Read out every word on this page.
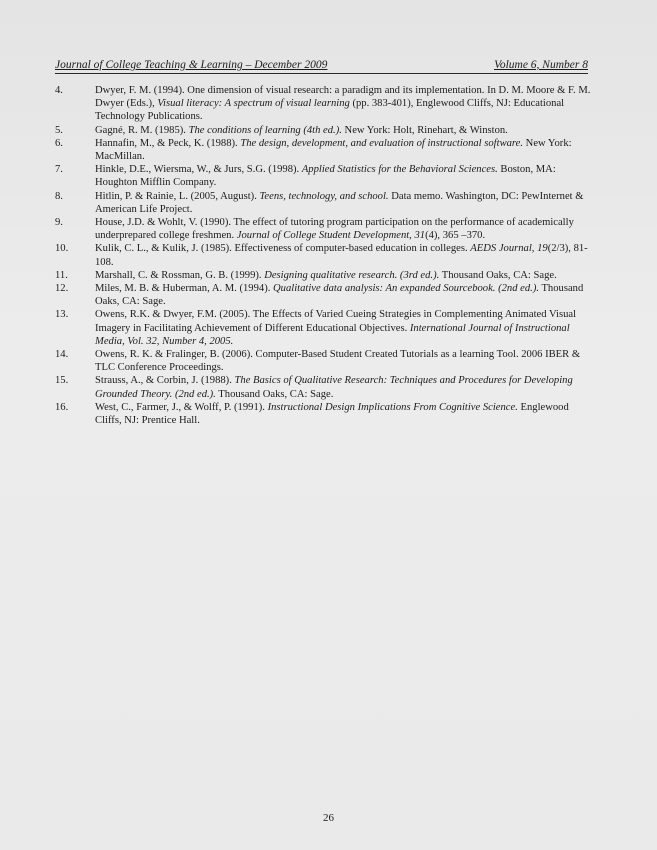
Journal of College Teaching & Learning – December 2009	Volume 6, Number 8
4.	Dwyer, F. M. (1994). One dimension of visual research: a paradigm and its implementation. In D. M. Moore & F. M. Dwyer (Eds.), Visual literacy: A spectrum of visual learning (pp. 383-401), Englewood Cliffs, NJ: Educational Technology Publications.
5.	Gagné, R. M. (1985). The conditions of learning (4th ed.). New York: Holt, Rinehart, & Winston.
6.	Hannafin, M., & Peck, K. (1988). The design, development, and evaluation of instructional software. New York: MacMillan.
7.	Hinkle, D.E., Wiersma, W., & Jurs, S.G. (1998). Applied Statistics for the Behavioral Sciences. Boston, MA: Houghton Mifflin Company.
8.	Hitlin, P. & Rainie, L. (2005, August). Teens, technology, and school. Data memo. Washington, DC: PewInternet & American Life Project.
9.	House, J.D. & Wohlt, V. (1990). The effect of tutoring program participation on the performance of academically underprepared college freshmen. Journal of College Student Development, 31(4), 365 –370.
10.	Kulik, C. L., & Kulik, J. (1985). Effectiveness of computer-based education in colleges. AEDS Journal, 19(2/3), 81-108.
11.	Marshall, C. & Rossman, G. B. (1999). Designing qualitative research. (3rd ed.). Thousand Oaks, CA: Sage.
12.	Miles, M. B. & Huberman, A. M. (1994). Qualitative data analysis: An expanded Sourcebook. (2nd ed.). Thousand Oaks, CA: Sage.
13.	Owens, R.K. & Dwyer, F.M. (2005). The Effects of Varied Cueing Strategies in Complementing Animated Visual Imagery in Facilitating Achievement of Different Educational Objectives. International Journal of Instructional Media, Vol. 32, Number 4, 2005.
14.	Owens, R. K. & Fralinger, B. (2006). Computer-Based Student Created Tutorials as a learning Tool. 2006 IBER & TLC Conference Proceedings.
15.	Strauss, A., & Corbin, J. (1988). The Basics of Qualitative Research: Techniques and Procedures for Developing Grounded Theory. (2nd ed.). Thousand Oaks, CA: Sage.
16.	West, C., Farmer, J., & Wolff, P. (1991). Instructional Design Implications From Cognitive Science. Englewood Cliffs, NJ: Prentice Hall.
26
